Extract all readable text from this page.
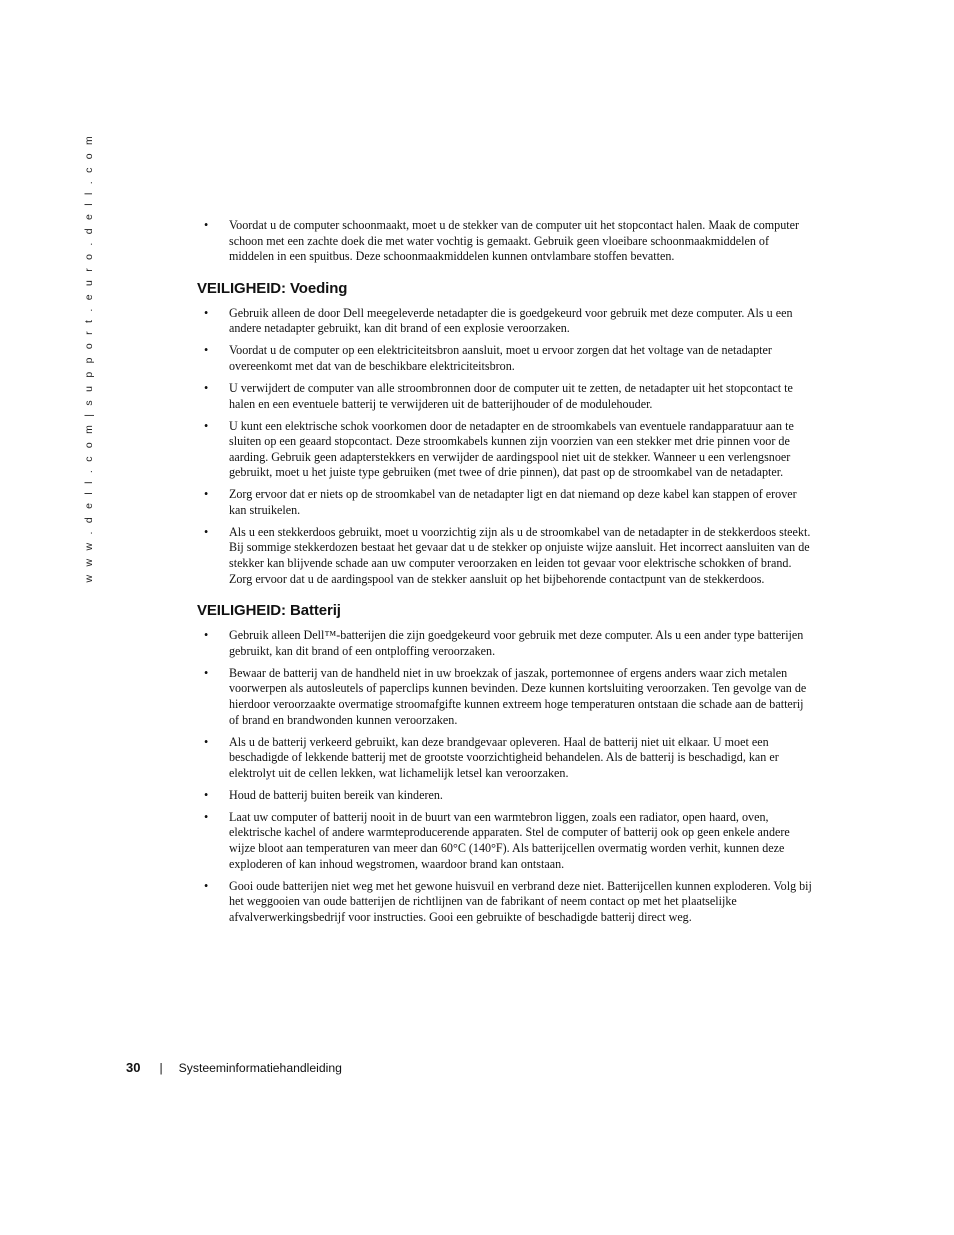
w w w . d e l l . c o m | s u p p o r t . e u r o . d e l l . c o m	• Voordat u de computer schoonmaakt, moet u de stekker van de computer uit het stopcontact halen. Maak de computer schoon met een zachte doek die met water vochtig is gemaakt. Gebruik geen vloeibare schoonmaakmiddelen of middelen in een spuitbus. Deze schoonmaakmiddelen kunnen ontvlambare stoffen bevatten.
VEILIGHEID: Voeding
• Gebruik alleen de door Dell meegeleverde netadapter die is goedgekeurd voor gebruik met deze computer. Als u een andere netadapter gebruikt, kan dit brand of een explosie veroorzaken.
• Voordat u de computer op een elektriciteitsbron aansluit, moet u ervoor zorgen dat het voltage van de netadapter overeenkomt met dat van de beschikbare elektriciteitsbron.
• U verwijdert de computer van alle stroombronnen door de computer uit te zetten, de netadapter uit het stopcontact te halen en een eventuele batterij te verwijderen uit de batterijhouder of de modulehouder.
• U kunt een elektrische schok voorkomen door de netadapter en de stroomkabels van eventuele randapparatuur aan te sluiten op een geaard stopcontact. Deze stroomkabels kunnen zijn voorzien van een stekker met drie pinnen voor de aarding. Gebruik geen adapterstekkers en verwijder de aardingspool niet uit de stekker. Wanneer u een verlengsnoer gebruikt, moet u het juiste type gebruiken (met twee of drie pinnen), dat past op de stroomkabel van de netadapter.
• Zorg ervoor dat er niets op de stroomkabel van de netadapter ligt en dat niemand op deze kabel kan stappen of erover kan struikelen.
• Als u een stekkerdoos gebruikt, moet u voorzichtig zijn als u de stroomkabel van de netadapter in de stekkerdoos steekt. Bij sommige stekkerdozen bestaat het gevaar dat u de stekker op onjuiste wijze aansluit. Het incorrect aansluiten van de stekker kan blijvende schade aan uw computer veroorzaken en leiden tot gevaar voor elektrische schokken of brand. Zorg ervoor dat u de aardingspool van de stekker aansluit op het bijbehorende contactpunt van de stekkerdoos.
VEILIGHEID: Batterij
• Gebruik alleen Dell™-batterijen die zijn goedgekeurd voor gebruik met deze computer. Als u een ander type batterijen gebruikt, kan dit brand of een ontploffing veroorzaken.
• Bewaar de batterij van de handheld niet in uw broekzak of jaszak, portemonnee of ergens anders waar zich metalen voorwerpen als autosleutels of paperclips kunnen bevinden. Deze kunnen kortsluiting veroorzaken. Ten gevolge van de hierdoor veroorzaakte overmatige stroomafgifte kunnen extreem hoge temperaturen ontstaan die schade aan de batterij of brand en brandwonden kunnen veroorzaken.
• Als u de batterij verkeerd gebruikt, kan deze brandgevaar opleveren. Haal de batterij niet uit elkaar. U moet een beschadigde of lekkende batterij met de grootste voorzichtigheid behandelen. Als de batterij is beschadigd, kan er elektrolyt uit de cellen lekken, wat lichamelijk letsel kan veroorzaken.
• Houd de batterij buiten bereik van kinderen.
• Laat uw computer of batterij nooit in de buurt van een warmtebron liggen, zoals een radiator, open haard, oven, elektrische kachel of andere warmteproducerende apparaten. Stel de computer of batterij ook op geen enkele andere wijze bloot aan temperaturen van meer dan 60°C (140°F). Als batterijcellen overmatig worden verhit, kunnen deze exploderen of kan inhoud wegstromen, waardoor brand kan ontstaan.
• Gooi oude batterijen niet weg met het gewone huisvuil en verbrand deze niet. Batterijcellen kunnen exploderen. Volg bij het weggooien van oude batterijen de richtlijnen van de fabrikant of neem contact op met het plaatselijke afvalverwerkingsbedrijf voor instructies. Gooi een gebruikte of beschadigde batterij direct weg.
30 | Systeeminformatiehandleiding
